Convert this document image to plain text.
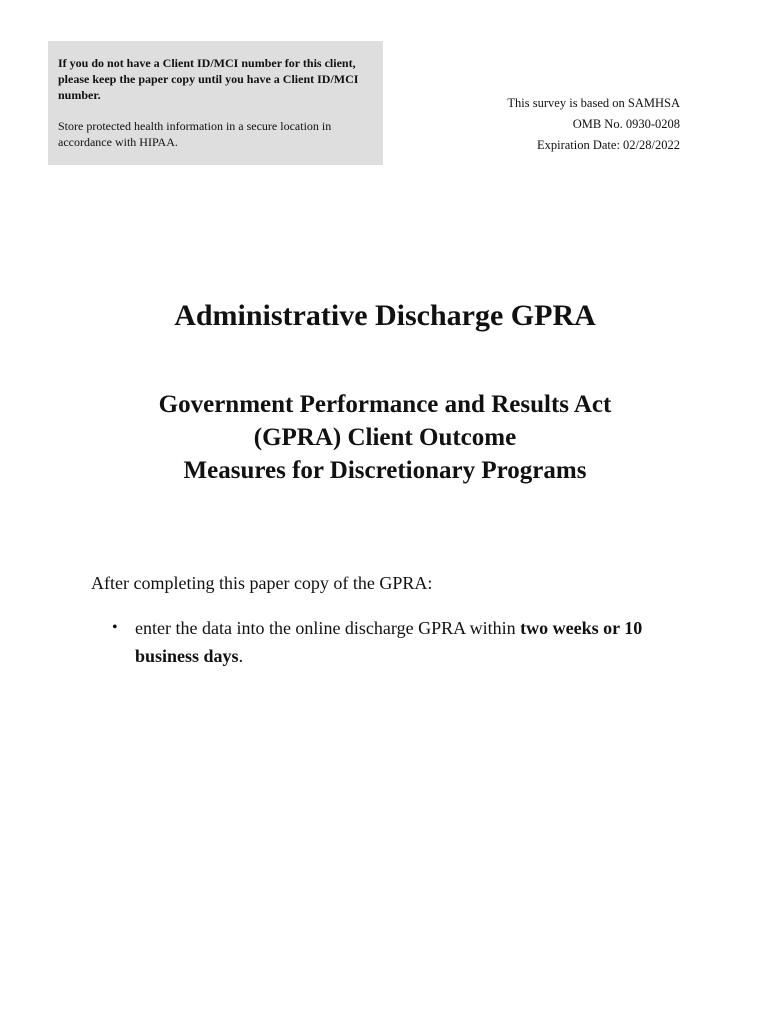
If you do not have a Client ID/MCI number for this client, please keep the paper copy until you have a Client ID/MCI number.

Store protected health information in a secure location in accordance with HIPAA.

This survey is based on SAMHSA
OMB No. 0930-0208
Expiration Date: 02/28/2022
Administrative Discharge GPRA
Government Performance and Results Act
(GPRA) Client Outcome
Measures for Discretionary Programs

After completing this paper copy of the GPRA:

• enter the data into the online discharge GPRA within two weeks or 10 business days.
